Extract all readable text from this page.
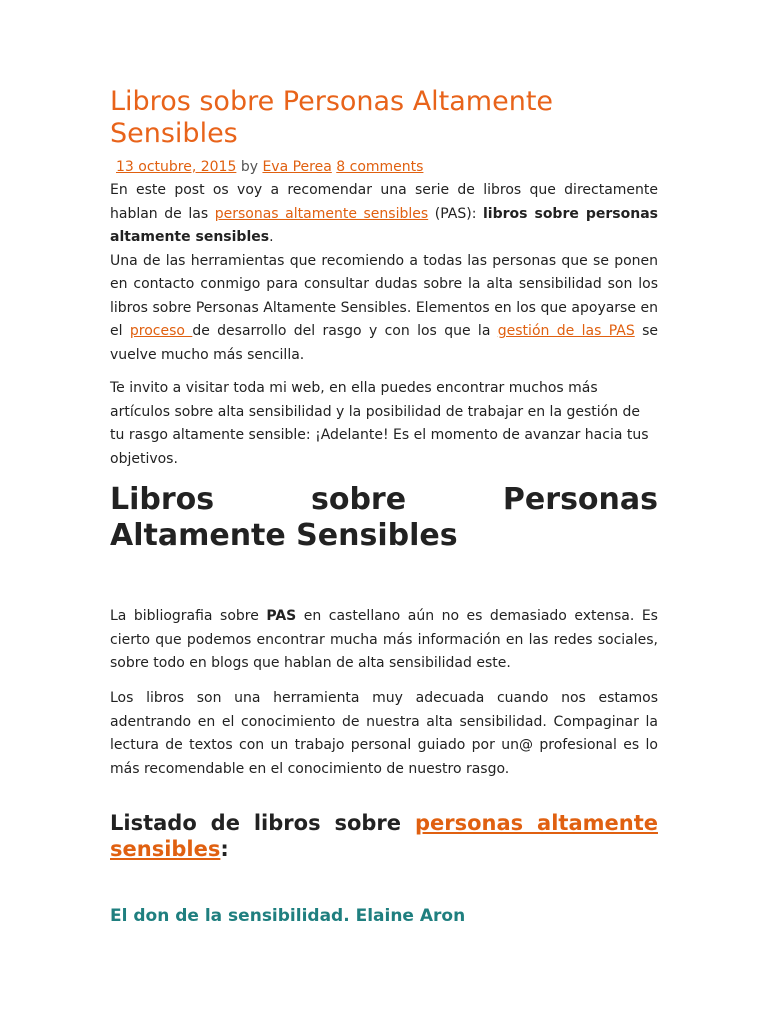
Libros sobre Personas Altamente Sensibles
13 octubre, 2015 by Eva Perea 8 comments

En este post os voy a recomendar una serie de libros que directamente hablan de las personas altamente sensibles (PAS): libros sobre personas altamente sensibles.
Una de las herramientas que recomiendo a todas las personas que se ponen en contacto conmigo para consultar dudas sobre la alta sensibilidad son los libros sobre Personas Altamente Sensibles. Elementos en los que apoyarse en el proceso de desarrollo del rasgo y con los que la gestión de las PAS se vuelve mucho más sencilla.

Te invito a visitar toda mi web, en ella puedes encontrar muchos más artículos sobre alta sensibilidad y la posibilidad de trabajar en la gestión de tu rasgo altamente sensible: ¡Adelante! Es el momento de avanzar hacia tus objetivos.

Libros sobre Personas Altamente Sensibles

La bibliografia sobre PAS en castellano aún no es demasiado extensa. Es cierto que podemos encontrar mucha más información en las redes sociales, sobre todo en blogs que hablan de alta sensibilidad este.

Los libros son una herramienta muy adecuada cuando nos estamos adentrando en el conocimiento de nuestra alta sensibilidad. Compaginar la lectura de textos con un trabajo personal guiado por un@ profesional es lo más recomendable en el conocimiento de nuestro rasgo.

Listado de libros sobre personas altamente sensibles:
El don de la sensibilidad. Elaine Aron
